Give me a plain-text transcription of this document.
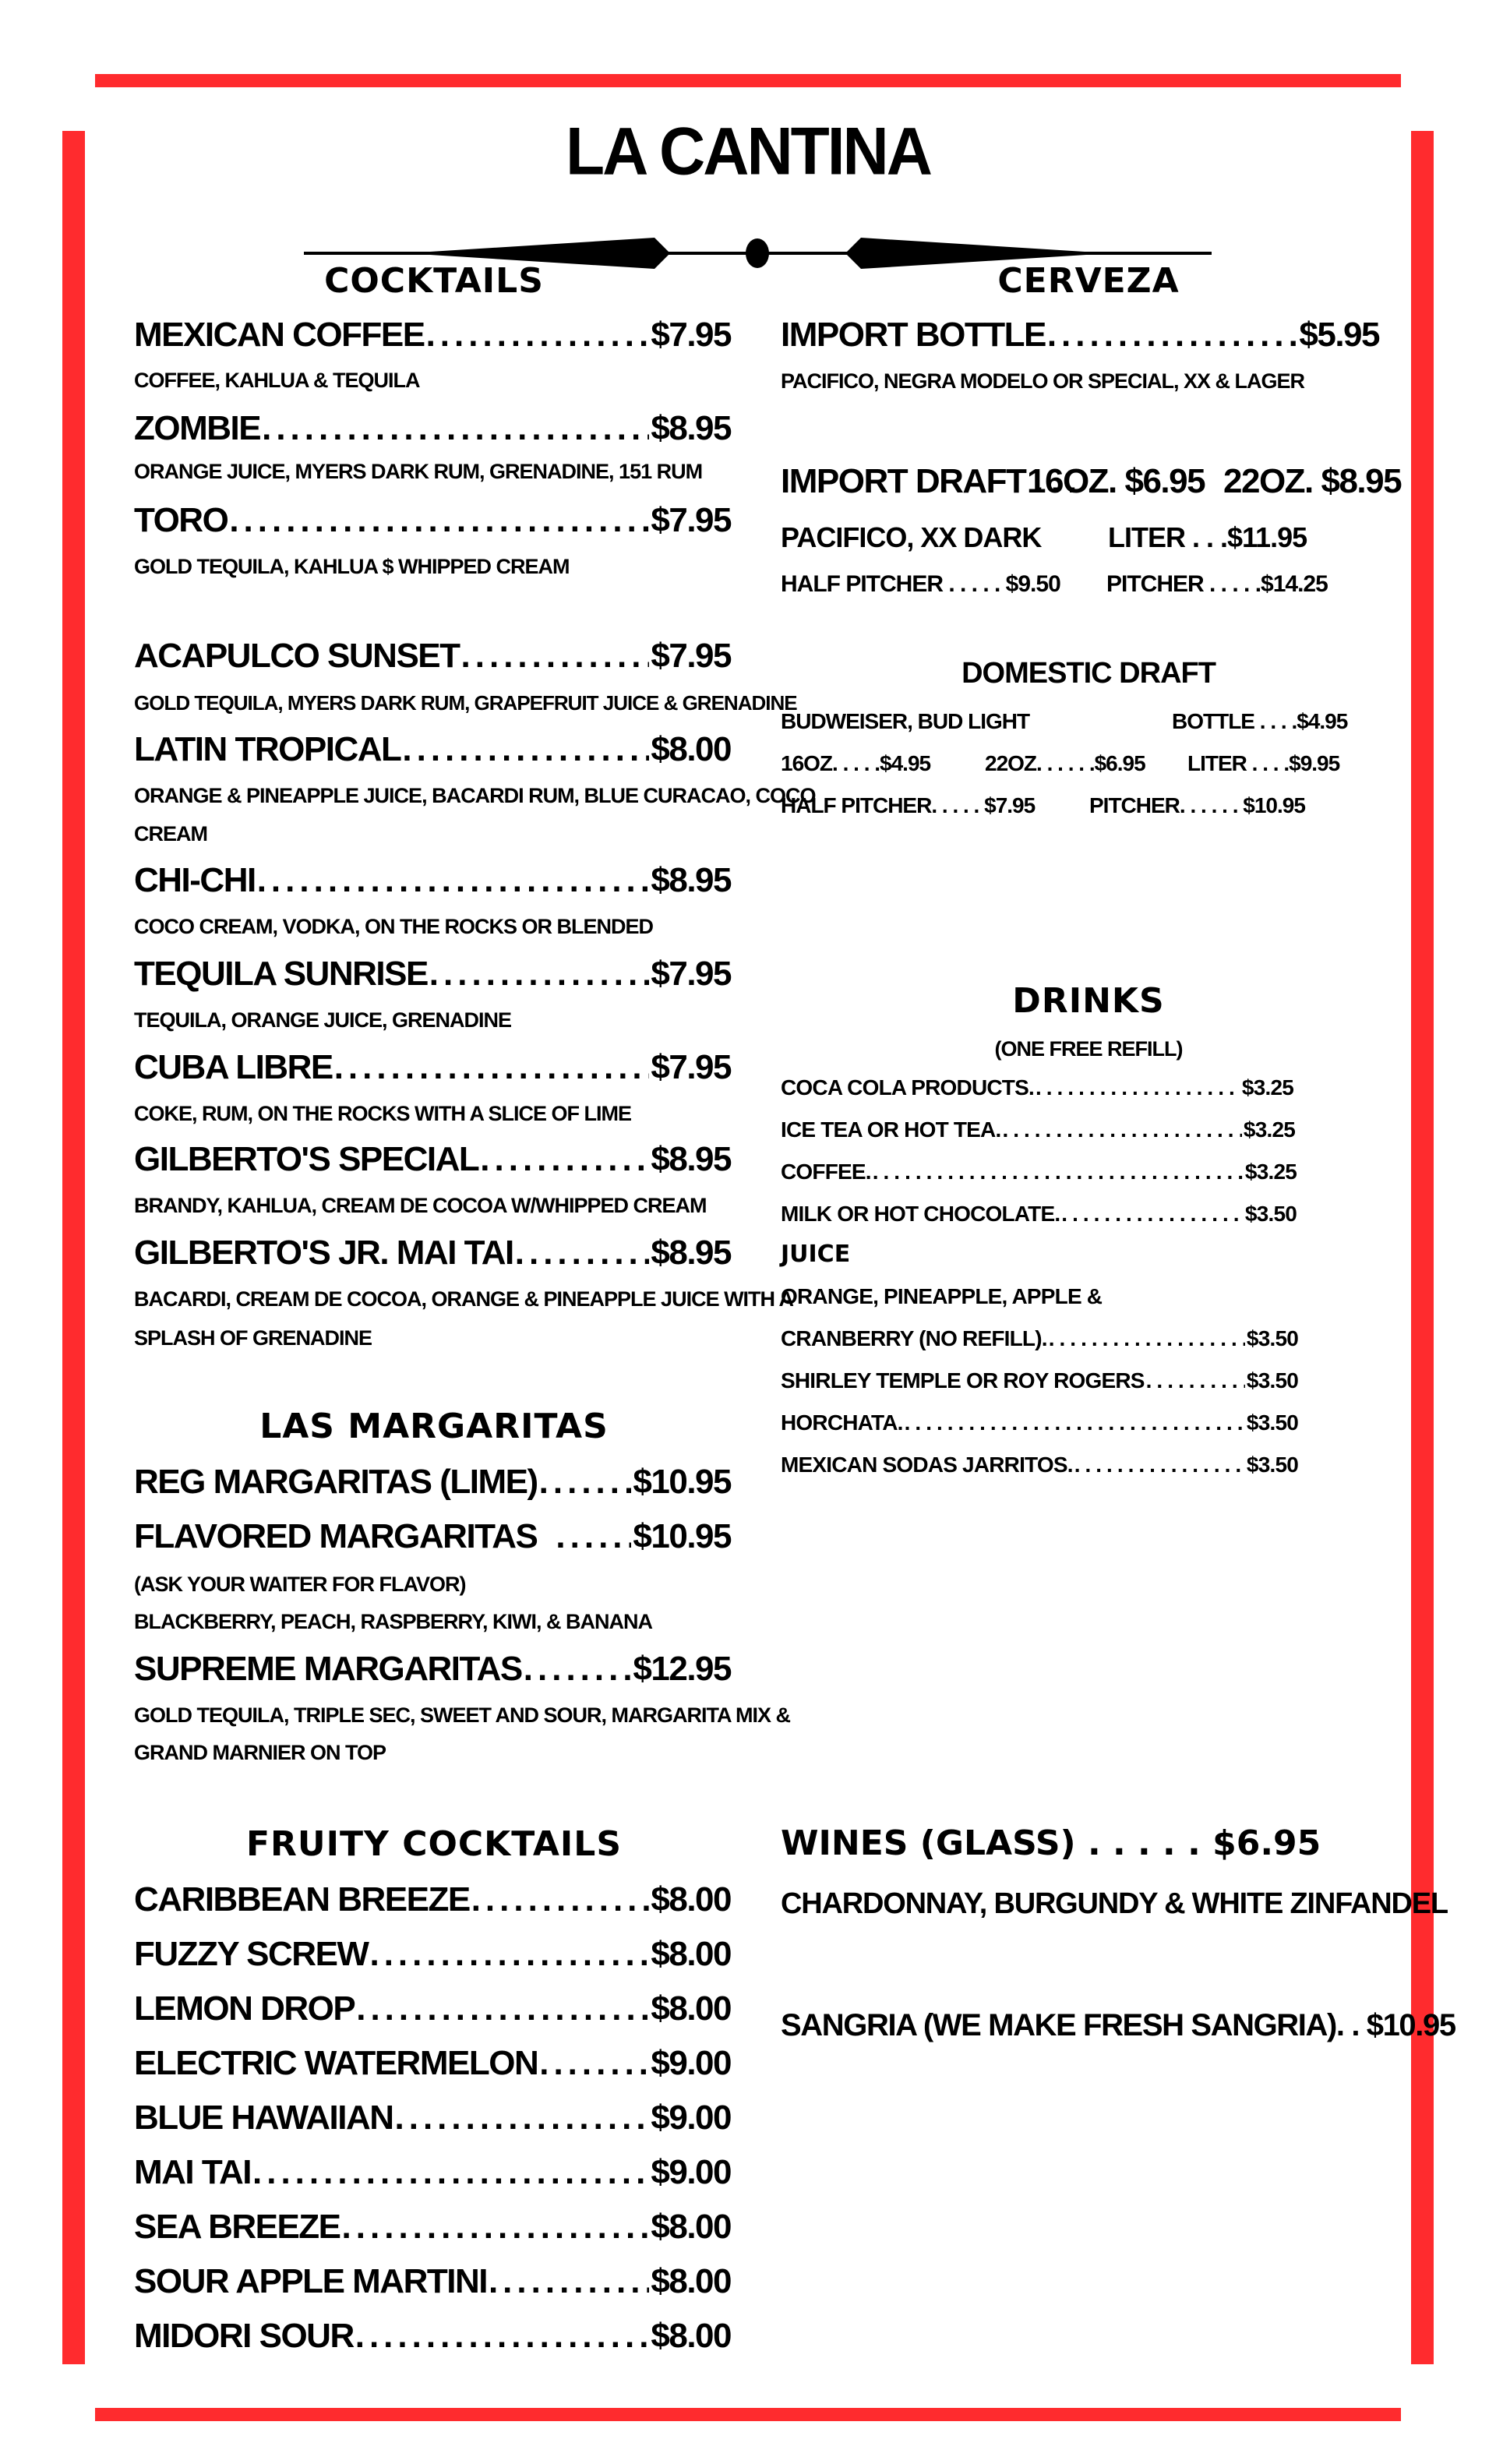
LA CANTINA
COCKTAILS
MEXICAN COFFEE .....	$7.95
COFFEE, KAHLUA & TEQUILA
ZOMBIE .....	$8.95
ORANGE JUICE, MYERS DARK RUM, GRENADINE, 151 RUM
TORO .....	$7.95
GOLD TEQUILA, KAHLUA $ WHIPPED CREAM
ACAPULCO SUNSET .....	$7.95
GOLD TEQUILA, MYERS DARK RUM, GRAPEFRUIT JUICE & GRENADINE
LATIN TROPICAL .....	$8.00
ORANGE & PINEAPPLE JUICE, BACARDI RUM, BLUE CURACAO, COCO
CREAM
CHI-CHI .....	$8.95
COCO CREAM, VODKA, ON THE ROCKS OR BLENDED
TEQUILA SUNRISE .....	$7.95
TEQUILA, ORANGE JUICE, GRENADINE
CUBA LIBRE .....	$7.95
COKE, RUM, ON THE ROCKS WITH A SLICE OF LIME
GILBERTO'S SPECIAL .....	$8.95
BRANDY, KAHLUA, CREAM DE COCOA W/WHIPPED CREAM
GILBERTO'S JR. MAI TAI .....	$8.95
BACARDI, CREAM DE COCOA, ORANGE & PINEAPPLE JUICE WITH A
SPLASH OF GRENADINE
LAS MARGARITAS
REG MARGARITAS (LIME) .....	$10.95
FLAVORED MARGARITAS .....	$10.95
(ASK YOUR WAITER FOR FLAVOR)
BLACKBERRY, PEACH, RASPBERRY, KIWI, & BANANA
SUPREME MARGARITAS .....	$12.95
GOLD TEQUILA, TRIPLE SEC, SWEET AND SOUR, MARGARITA MIX &
GRAND MARNIER ON TOP
FRUITY COCKTAILS
CARIBBEAN BREEZE .....	$8.00
FUZZY SCREW .....	$8.00
LEMON DROP .....	$8.00
ELECTRIC WATERMELON .....	$9.00
BLUE HAWAIIAN .....	$9.00
MAI TAI .....	$9.00
SEA BREEZE .....	$8.00
SOUR APPLE MARTINI .....	$8.00
MIDORI SOUR .....	$8.00
CERVEZA
IMPORT BOTTLE .....	$5.95
PACIFICO, NEGRA MODELO OR SPECIAL, XX & LAGER
IMPORT DRAFT . . .
16OZ. $6.95 22OZ. $8.95
PACIFICO, XX DARK LITER . . .$11.95
HALF PITCHER . . . . . $9.50 PITCHER . . . . .$14.25
DOMESTIC DRAFT
BUDWEISER, BUD LIGHT	BOTTLE . . . .$4.95
16OZ. . . . .$4.95 22OZ. . . . . .$6.95 LITER . . . .$9.95
HALF PITCHER. . . . . $7.95 PITCHER. . . . . . $10.95
DRINKS
(ONE FREE REFILL)
COCA COLA PRODUCTS. .....	$3.25
ICE TEA OR HOT TEA. .....	$3.25
COFFEE. .....	$3.25
MILK OR HOT CHOCOLATE. .....	$3.50
JUICE
ORANGE, PINEAPPLE, APPLE &
CRANBERRY (NO REFILL). .....	$3.50
SHIRLEY TEMPLE OR ROY ROGERS .....	$3.50
HORCHATA. .....	$3.50
MEXICAN SODAS JARRITOS. .....	$3.50
WINES (GLASS) . . . . . $6.95
CHARDONNAY, BURGUNDY & WHITE ZINFANDEL
SANGRIA (WE MAKE FRESH SANGRIA). . $10.95
